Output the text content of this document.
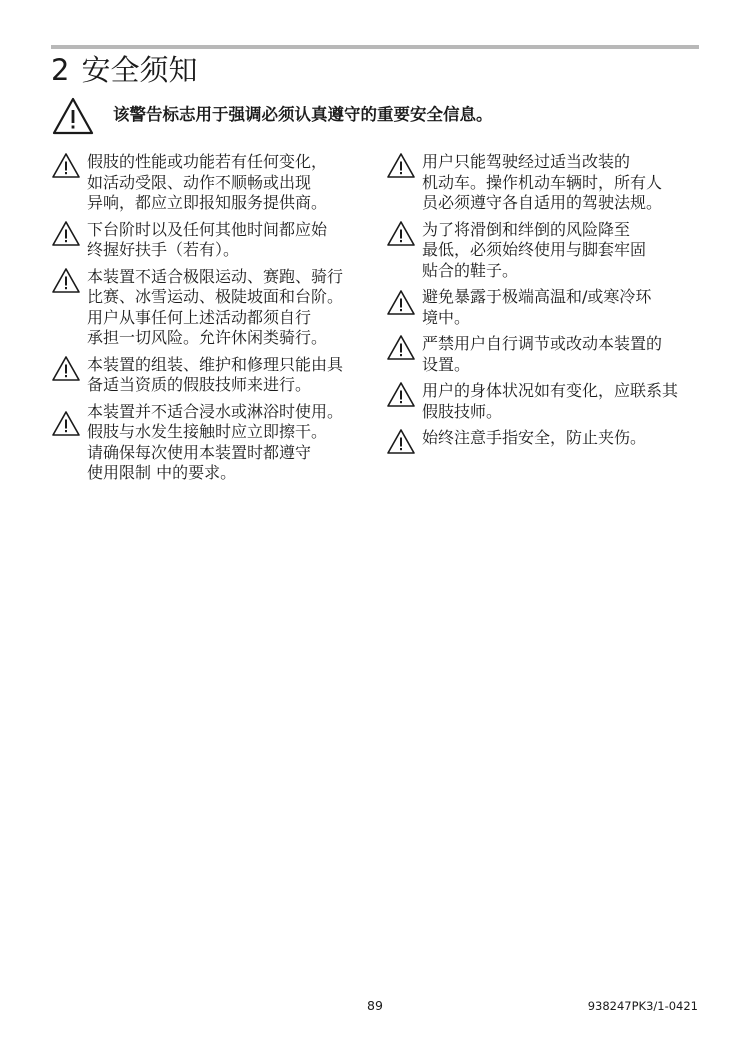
2 安全须知
该警告标志用于强调必须认真遵守的重要安全信息。
假肢的性能或功能若有任何变化，
如活动受限、动作不顺畅或出现
异响，都应立即报知服务提供商。
下台阶时以及任何其他时间都应始
终握好扶手（若有）。
本装置不适合极限运动、赛跑、骑行
比赛、冰雪运动、极陡坡面和台阶。
用户从事任何上述活动都须自行
承担一切风险。允许休闲类骑行。
本装置的组装、维护和修理只能由具
备适当资质的假肢技师来进行。
本装置并不适合浸水或淋浴时使用。
假肢与水发生接触时应立即擦干。
请确保每次使用本装置时都遵守
使用限制 中的要求。
用户只能驾驶经过适当改装的
机动车。操作机动车辆时，所有人
员必须遵守各自适用的驾驶法规。
为了将滑倒和绊倒的风险降至
最低，必须始终使用与脚套牢固
贴合的鞋子。
避免暴露于极端高温和/或寒冷环
境中。
严禁用户自行调节或改动本装置的
设置。
用户的身体状况如有变化，应联系其
假肢技师。
始终注意手指安全，防止夹伤。
89	938247PK3/1-0421
